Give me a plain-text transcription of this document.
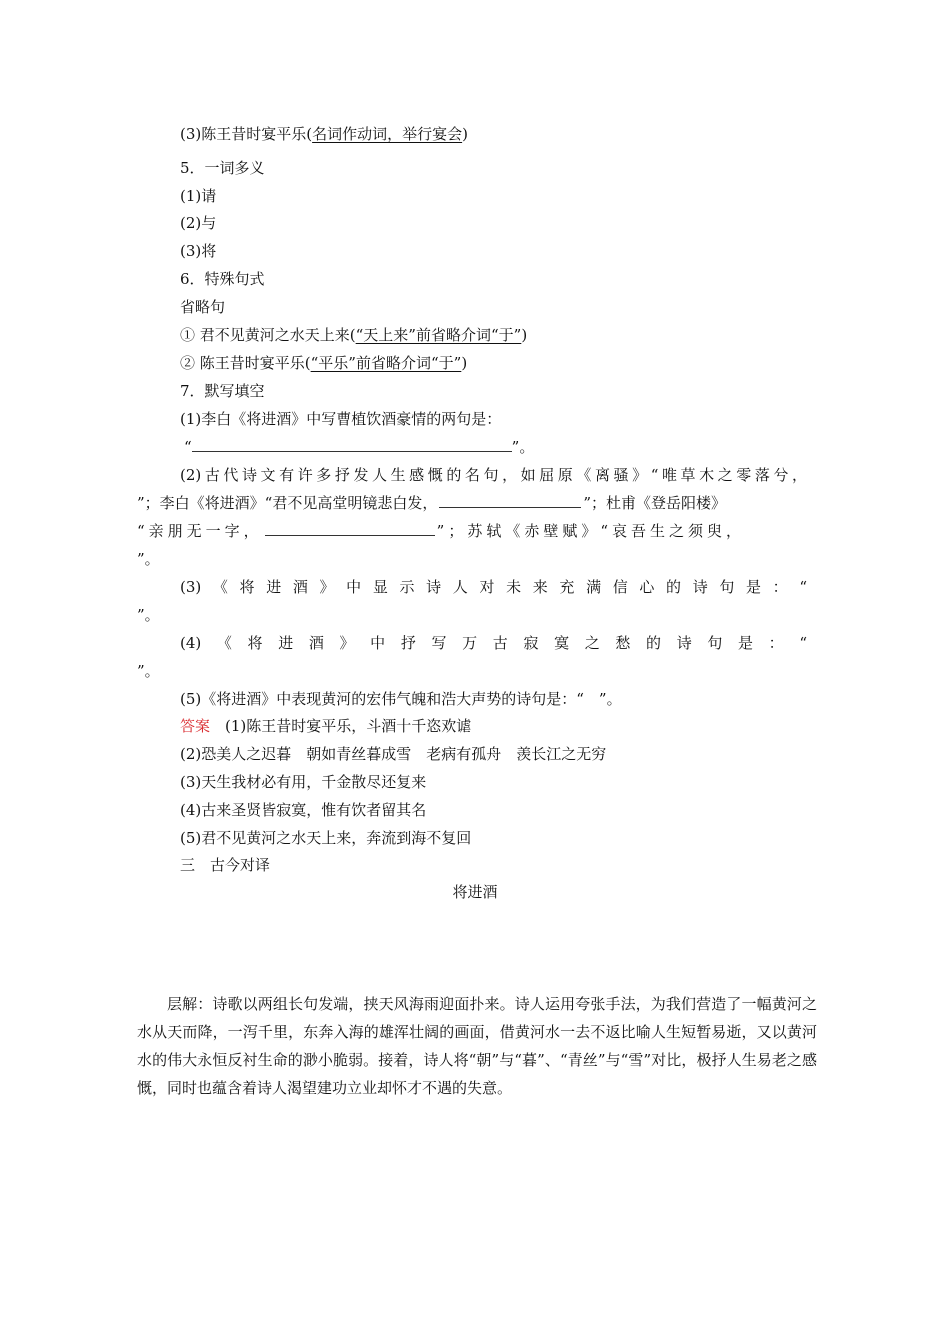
(3)陈王昔时宴平乐(名词作动词，举行宴会)
5．一词多义
(1)请
(2)与
(3)将
6．特殊句式
省略句
① 君不见黄河之水天上来(“天上来”前省略介词“于”)
② 陈王昔时宴平乐(“平乐”前省略介词“于”)
7．默写填空
(1)李白《将进酒》中写曹植饮酒豪情的两句是：
“	”。
(2)古代诗文有许多抒发人生感慨的名句，如屈原《离骚》“唯草木之零落兮，
”；李白《将进酒》“君不见高堂明镜悲白发，	”；杜甫《登岳阳楼》
“亲朋无一字，	”；苏轼《赤壁赋》“哀吾生之须臾，
”。
(3)《将进酒》中显示诗人对未来充满信心的诗句是：“
”。
(4)《将进酒》中抒写万古寂寞之愁的诗句是：“
”。
(5)《将进酒》中表现黄河的宏伟气魄和浩大声势的诗句是：“　”。
答案　 (1)陈王昔时宴平乐，斗酒十千恣欢谑
(2)恐美人之迟暮　朝如青丝暮成雪　老病有孤舟　羡长江之无穷
(3)天生我材必有用，千金散尽还复来
(4)古来圣贤皆寂寞，惟有饮者留其名
(5)君不见黄河之水天上来，奔流到海不复回
三　古今对译
将进酒
层解：诗歌以两组长句发端，挟天风海雨迎面扑来。诗人运用夸张手法，为我们营造了一幅黄河之水从天而降，一泻千里，东奔入海的雄浑壮阔的画面，借黄河水一去不返比喻人生短暂易逝，又以黄河水的伟大永恒反衬生命的渺小脆弱。接着，诗人将“朝”与“暮”、“青丝”与“雪”对比，极抒人生易老之感慨，同时也蕴含着诗人渴望建功立业却怀才不遇的失意。
